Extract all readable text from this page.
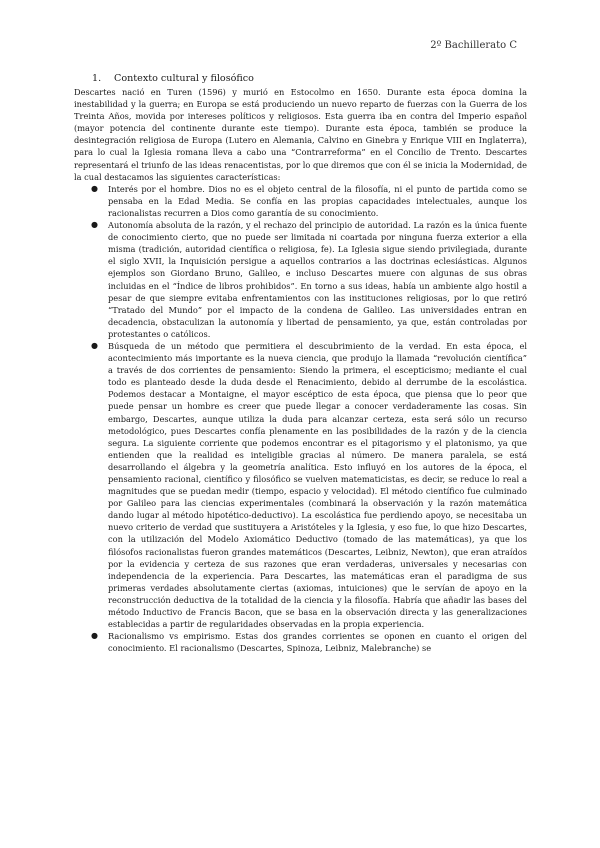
2º Bachillerato C
1. Contexto cultural y filosófico

Descartes nació en Turen (1596) y murió en Estocolmo en 1650. Durante esta época domina la inestabilidad y la guerra; en Europa se está produciendo un nuevo reparto de fuerzas con la Guerra de los Treinta Años, movida por intereses políticos y religiosos. Esta guerra iba en contra del Imperio español (mayor potencia del continente durante este tiempo). Durante esta época, también se produce la desintegración religiosa de Europa (Lutero en Alemania, Calvino en Ginebra y Enrique VIII en Inglaterra), para lo cual la Iglesia romana lleva a cabo una “Contrarreforma” en el Concilio de Trento. Descartes representará el triunfo de las ideas renacentistas, por lo que diremos que con él se inicia la Modernidad, de la cual destacamos las siguientes características:

● Interés por el hombre. Dios no es el objeto central de la filosofía, ni el punto de partida como se pensaba en la Edad Media. Se confía en las propias capacidades intelectuales, aunque los racionalistas recurren a Dios como garantía de su conocimiento.
● Autonomía absoluta de la razón, y el rechazo del principio de autoridad. La razón es la única fuente de conocimiento cierto, que no puede ser limitada ni coartada por ninguna fuerza exterior a ella misma (tradición, autoridad científica o religiosa, fe). La Iglesia sigue siendo privilegiada, durante el siglo XVII, la Inquisición persigue a aquellos contrarios a las doctrinas eclesiásticas. Algunos ejemplos son Giordano Bruno, Galileo, e incluso Descartes muere con algunas de sus obras incluidas en el “Índice de libros prohibidos”. En torno a sus ideas, había un ambiente algo hostil a pesar de que siempre evitaba enfrentamientos con las instituciones religiosas, por lo que retiró “Tratado del Mundo” por el impacto de la condena de Galileo. Las universidades entran en decadencia, obstaculizan la autonomía y libertad de pensamiento, ya que, están controladas por protestantes o católicos.
● Búsqueda de un método que permitiera el descubrimiento de la verdad. En esta época, el acontecimiento más importante es la nueva ciencia, que produjo la llamada “revolución científica” a través de dos corrientes de pensamiento: Siendo la primera, el escepticismo; mediante el cual todo es planteado desde la duda desde el Renacimiento, debido al derrumbe de la escolástica. Podemos destacar a Montaigne, el mayor escéptico de esta época, que piensa que lo peor que puede pensar un hombre es creer que puede llegar a conocer verdaderamente las cosas. Sin embargo, Descartes, aunque utiliza la duda para alcanzar certeza, esta será sólo un recurso metodológico, pues Descartes confía plenamente en las posibilidades de la razón y de la ciencia segura. La siguiente corriente que podemos encontrar es el pitagorismo y el platonismo, ya que entienden que la realidad es inteligible gracias al número. De manera paralela, se está desarrollando el álgebra y la geometría analítica. Esto influyó en los autores de la época, el pensamiento racional, científico y filosófico se vuelven matematicistas, es decir, se reduce lo real a magnitudes que se puedan medir (tiempo, espacio y velocidad). El método científico fue culminado por Galileo para las ciencias experimentales (combinará la observación y la razón matemática dando lugar al método hipotético-deductivo). La escolástica fue perdiendo apoyo, se necesitaba un nuevo criterio de verdad que sustituyera a Aristóteles y la Iglesia, y eso fue, lo que hizo Descartes, con la utilización del Modelo Axiomático Deductivo (tomado de las matemáticas), ya que los filósofos racionalistas fueron grandes matemáticos (Descartes, Leibniz, Newton), que eran atraídos por la evidencia y certeza de sus razones que eran verdaderas, universales y necesarias con independencia de la experiencia. Para Descartes, las matemáticas eran el paradigma de sus primeras verdades absolutamente ciertas (axiomas, intuiciones) que le servían de apoyo en la reconstrucción deductiva de la totalidad de la ciencia y la filosofía. Habría que añadir las bases del método Inductivo de Francis Bacon, que se basa en la observación directa y las generalizaciones establecidas a partir de regularidades observadas en la propia experiencia.
● Racionalismo vs empirismo. Estas dos grandes corrientes se oponen en cuanto el origen del conocimiento. El racionalismo (Descartes, Spinoza, Leibniz, Malebranche) se
